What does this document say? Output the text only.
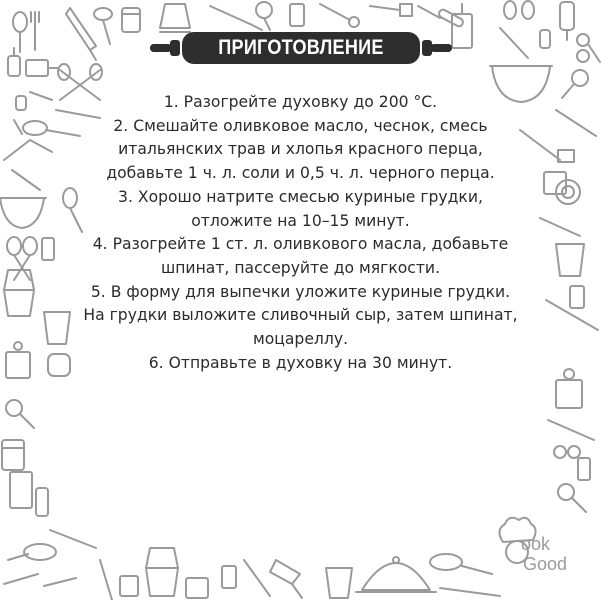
ПРИГОТОВЛЕНИЕ
1. Разогрейте духовку до 200 °C.
2. Смешайте оливковое масло, чеснок, смесь
итальянских трав и хлопья красного перца,
добавьте 1 ч. л. соли и 0,5 ч. л. черного перца.
3. Хорошо натрите смесью куриные грудки,
отложите на 10–15 минут.
4. Разогрейте 1 ст. л. оливкового масла, добавьте
шпинат, пассеруйте до мягкости.
5. В форму для выпечки уложите куриные грудки.
На грудки выложите сливочный сыр, затем шпинат,
моцареллу.
6. Отправьте в духовку на 30 минут.
ook
Good
